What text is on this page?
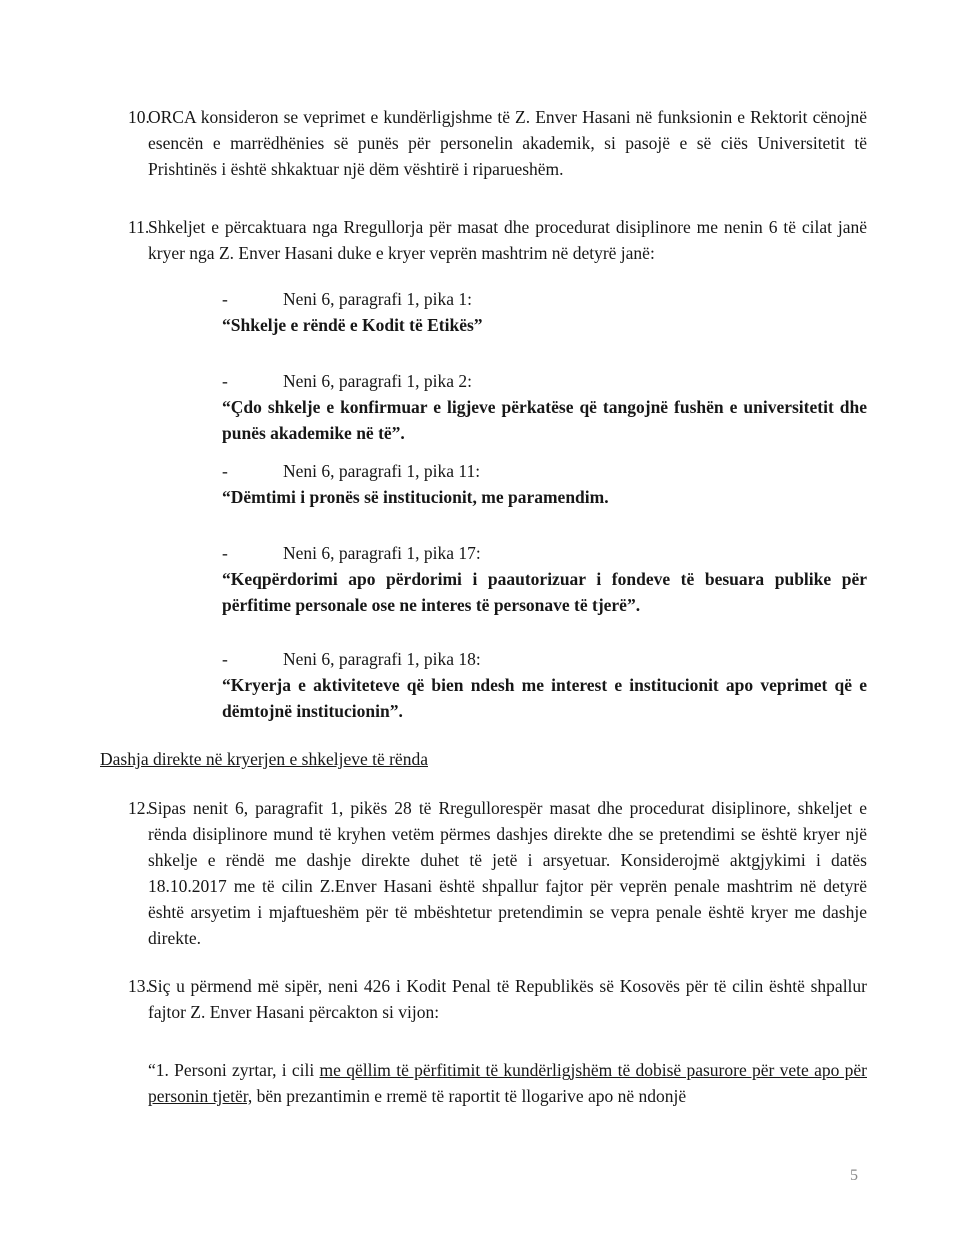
10.
ORCA konsideron se veprimet e kundërligjshme të Z. Enver Hasani në funksionin e Rektorit cënojnë esencën e marrëdhënies së punës për personelin akademik, si pasojë e së ciës Universitetit të Prishtinës i është shkaktuar një dëm vështirë i riparueshëm.
11.
Shkeljet e përcaktuara nga Rregullorja për masat dhe procedurat disiplinore me nenin 6 të cilat janë kryer nga Z. Enver Hasani duke e kryer veprën mashtrim në detyrë janë:
-	Neni 6, paragrafi 1, pika 1:
“Shkelje e rëndë e Kodit të Etikës”
-	Neni 6, paragrafi 1, pika 2:
“Çdo shkelje e konfirmuar e ligjeve përkatëse që tangojnë fushën e universitetit dhe punës akademike në të”.
-	Neni 6, paragrafi 1, pika 11:
“Dëmtimi i pronës së institucionit, me paramendim.
-	Neni 6, paragrafi 1, pika 17:
“Keqpërdorimi apo përdorimi i paautorizuar i fondeve të besuara publike për përfitime personale ose ne interes të personave të tjerë”.
-	Neni 6, paragrafi 1, pika 18:
“Kryerja e aktiviteteve që bien ndesh me interest e institucionit apo veprimet që e dëmtojnë institucionin”.
Dashja direkte në kryerjen e shkeljeve të rënda
12.
Sipas nenit 6, paragrafit 1, pikës 28 të Rregullorespër masat dhe procedurat disiplinore, shkeljet e rënda disiplinore mund të kryhen vetëm përmes dashjes direkte dhe se pretendimi se është kryer një shkelje e rëndë me dashje direkte duhet të jetë i arsyetuar. Konsiderojmë aktgjykimi i datës 18.10.2017 me të cilin Z.Enver Hasani është shpallur fajtor për veprën penale mashtrim në detyrë është arsyetim i mjaftueshëm për të mbështetur pretendimin se vepra penale është kryer me dashje direkte.
13.
Siç u përmend më sipër, neni 426 i Kodit Penal të Republikës së Kosovës për të cilin është shpallur fajtor Z. Enver Hasani përcakton si vijon:
“1. Personi zyrtar, i cili me qëllim të përfitimit të kundërligjshëm të dobisë pasurore për vete apo për personin tjetër, bën prezantimin e rremë të raportit të llogarive apo në ndonjë
5
